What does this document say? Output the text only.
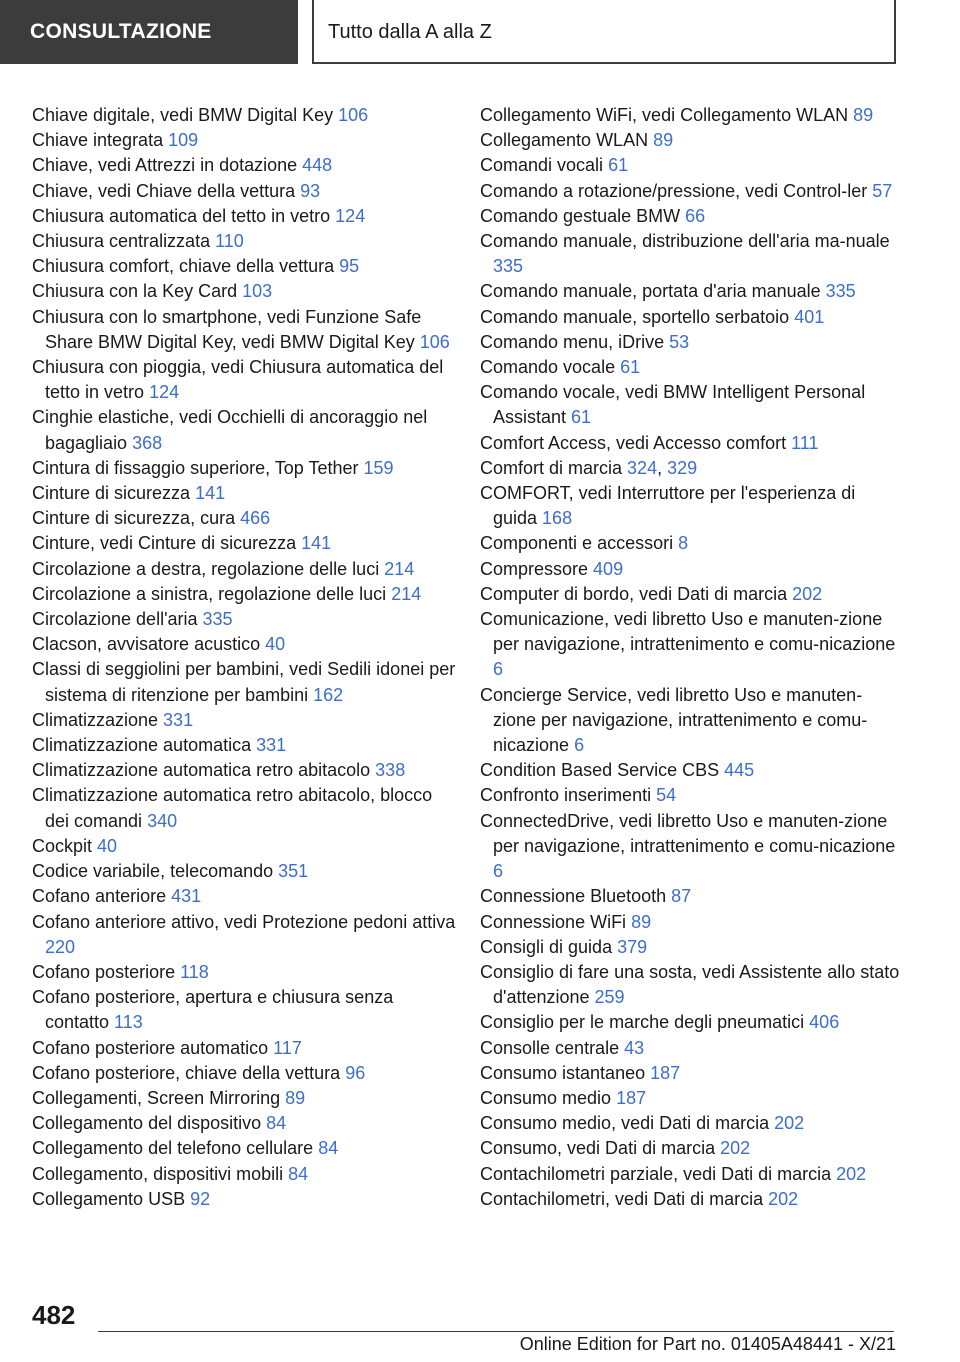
CONSULTAZIONE	Tutto dalla A alla Z
Chiave digitale, vedi BMW Digital Key 106
Chiave integrata 109
Chiave, vedi Attrezzi in dotazione 448
Chiave, vedi Chiave della vettura 93
Chiusura automatica del tetto in vetro 124
Chiusura centralizzata 110
Chiusura comfort, chiave della vettura 95
Chiusura con la Key Card 103
Chiusura con lo smartphone, vedi Funzione Safe Share BMW Digital Key, vedi BMW Digital Key 106
Chiusura con pioggia, vedi Chiusura automatica del tetto in vetro 124
Cinghie elastiche, vedi Occhielli di ancoraggio nel bagagliaio 368
Cintura di fissaggio superiore, Top Tether 159
Cinture di sicurezza 141
Cinture di sicurezza, cura 466
Cinture, vedi Cinture di sicurezza 141
Circolazione a destra, regolazione delle luci 214
Circolazione a sinistra, regolazione delle luci 214
Circolazione dell'aria 335
Clacson, avvisatore acustico 40
Classi di seggiolini per bambini, vedi Sedili idonei per sistema di ritenzione per bambini 162
Climatizzazione 331
Climatizzazione automatica 331
Climatizzazione automatica retro abitacolo 338
Climatizzazione automatica retro abitacolo, blocco dei comandi 340
Cockpit 40
Codice variabile, telecomando 351
Cofano anteriore 431
Cofano anteriore attivo, vedi Protezione pedoni attiva 220
Cofano posteriore 118
Cofano posteriore, apertura e chiusura senza contatto 113
Cofano posteriore automatico 117
Cofano posteriore, chiave della vettura 96
Collegamenti, Screen Mirroring 89
Collegamento del dispositivo 84
Collegamento del telefono cellulare 84
Collegamento, dispositivi mobili 84
Collegamento USB 92
Collegamento WiFi, vedi Collegamento WLAN 89
Collegamento WLAN 89
Comandi vocali 61
Comando a rotazione/pressione, vedi Control-ler 57
Comando gestuale BMW 66
Comando manuale, distribuzione dell'aria ma-nuale 335
Comando manuale, portata d'aria manuale 335
Comando manuale, sportello serbatoio 401
Comando menu, iDrive 53
Comando vocale 61
Comando vocale, vedi BMW Intelligent Personal Assistant 61
Comfort Access, vedi Accesso comfort 111
Comfort di marcia 324, 329
COMFORT, vedi Interruttore per l'esperienza di guida 168
Componenti e accessori 8
Compressore 409
Computer di bordo, vedi Dati di marcia 202
Comunicazione, vedi libretto Uso e manuten-zione per navigazione, intrattenimento e comu-nicazione 6
Concierge Service, vedi libretto Uso e manuten-zione per navigazione, intrattenimento e comu-nicazione 6
Condition Based Service CBS 445
Confronto inserimenti 54
ConnectedDrive, vedi libretto Uso e manuten-zione per navigazione, intrattenimento e comu-nicazione 6
Connessione Bluetooth 87
Connessione WiFi 89
Consigli di guida 379
Consiglio di fare una sosta, vedi Assistente allo stato d'attenzione 259
Consiglio per le marche degli pneumatici 406
Consolle centrale 43
Consumo istantaneo 187
Consumo medio 187
Consumo medio, vedi Dati di marcia 202
Consumo, vedi Dati di marcia 202
Contachilometri parziale, vedi Dati di marcia 202
Contachilometri, vedi Dati di marcia 202
482
Online Edition for Part no. 01405A48441 - X/21
